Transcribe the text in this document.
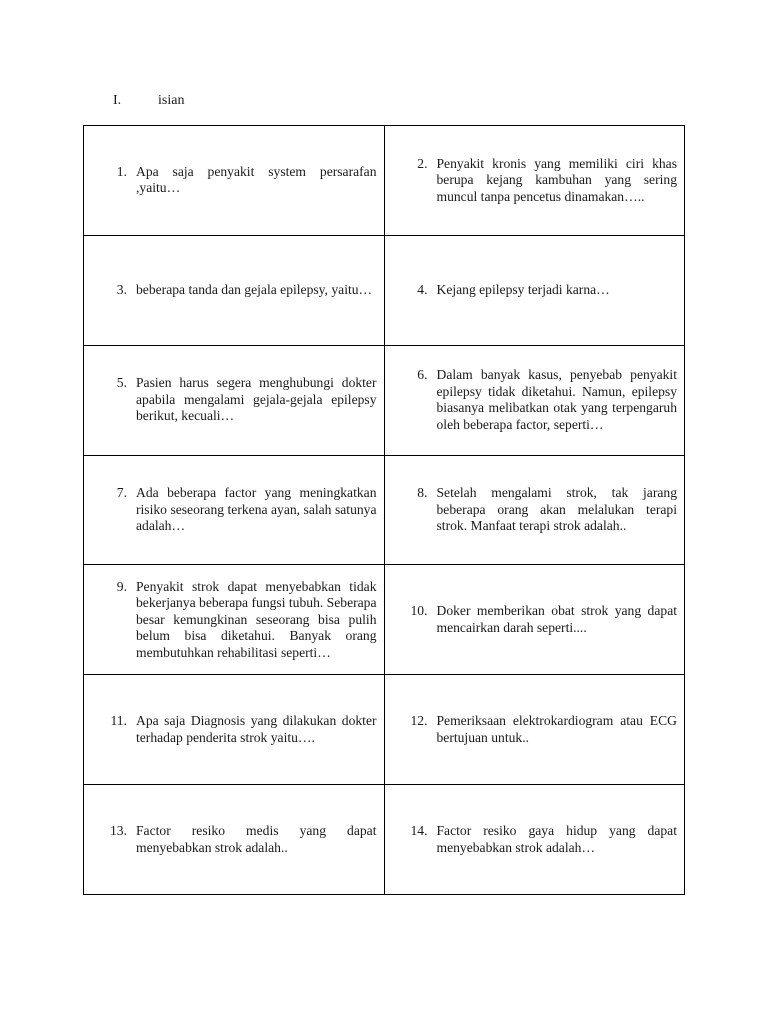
I.	isian
1. Apa saja penyakit system persarafan ,yaitu…	2. Penyakit kronis yang memiliki ciri khas berupa kejang kambuhan yang sering muncul tanpa pencetus dinamakan…..

3. beberapa tanda dan gejala epilepsy, yaitu…	4. Kejang epilepsy terjadi karna…

5. Pasien harus segera menghubungi dokter apabila mengalami gejala-gejala epilepsy berikut, kecuali…	6. Dalam banyak kasus, penyebab penyakit epilepsy tidak diketahui. Namun, epilepsy biasanya melibatkan otak yang terpengaruh oleh beberapa factor, seperti…

7. Ada beberapa factor yang meningkatkan risiko seseorang terkena ayan, salah satunya adalah…	8. Setelah mengalami strok, tak jarang beberapa orang akan melalukan terapi strok. Manfaat terapi strok adalah..

9. Penyakit strok dapat menyebabkan tidak bekerjanya beberapa fungsi tubuh. Seberapa besar kemungkinan seseorang bisa pulih belum bisa diketahui. Banyak orang membutuhkan rehabilitasi seperti…	10. Doker memberikan obat strok yang dapat mencairkan darah seperti....

11. Apa saja Diagnosis yang dilakukan dokter terhadap penderita strok yaitu….	12. Pemeriksaan elektrokardiogram atau ECG bertujuan untuk..

13. Factor resiko medis yang dapat menyebabkan strok adalah..	14. Factor resiko gaya hidup yang dapat menyebabkan strok adalah…
